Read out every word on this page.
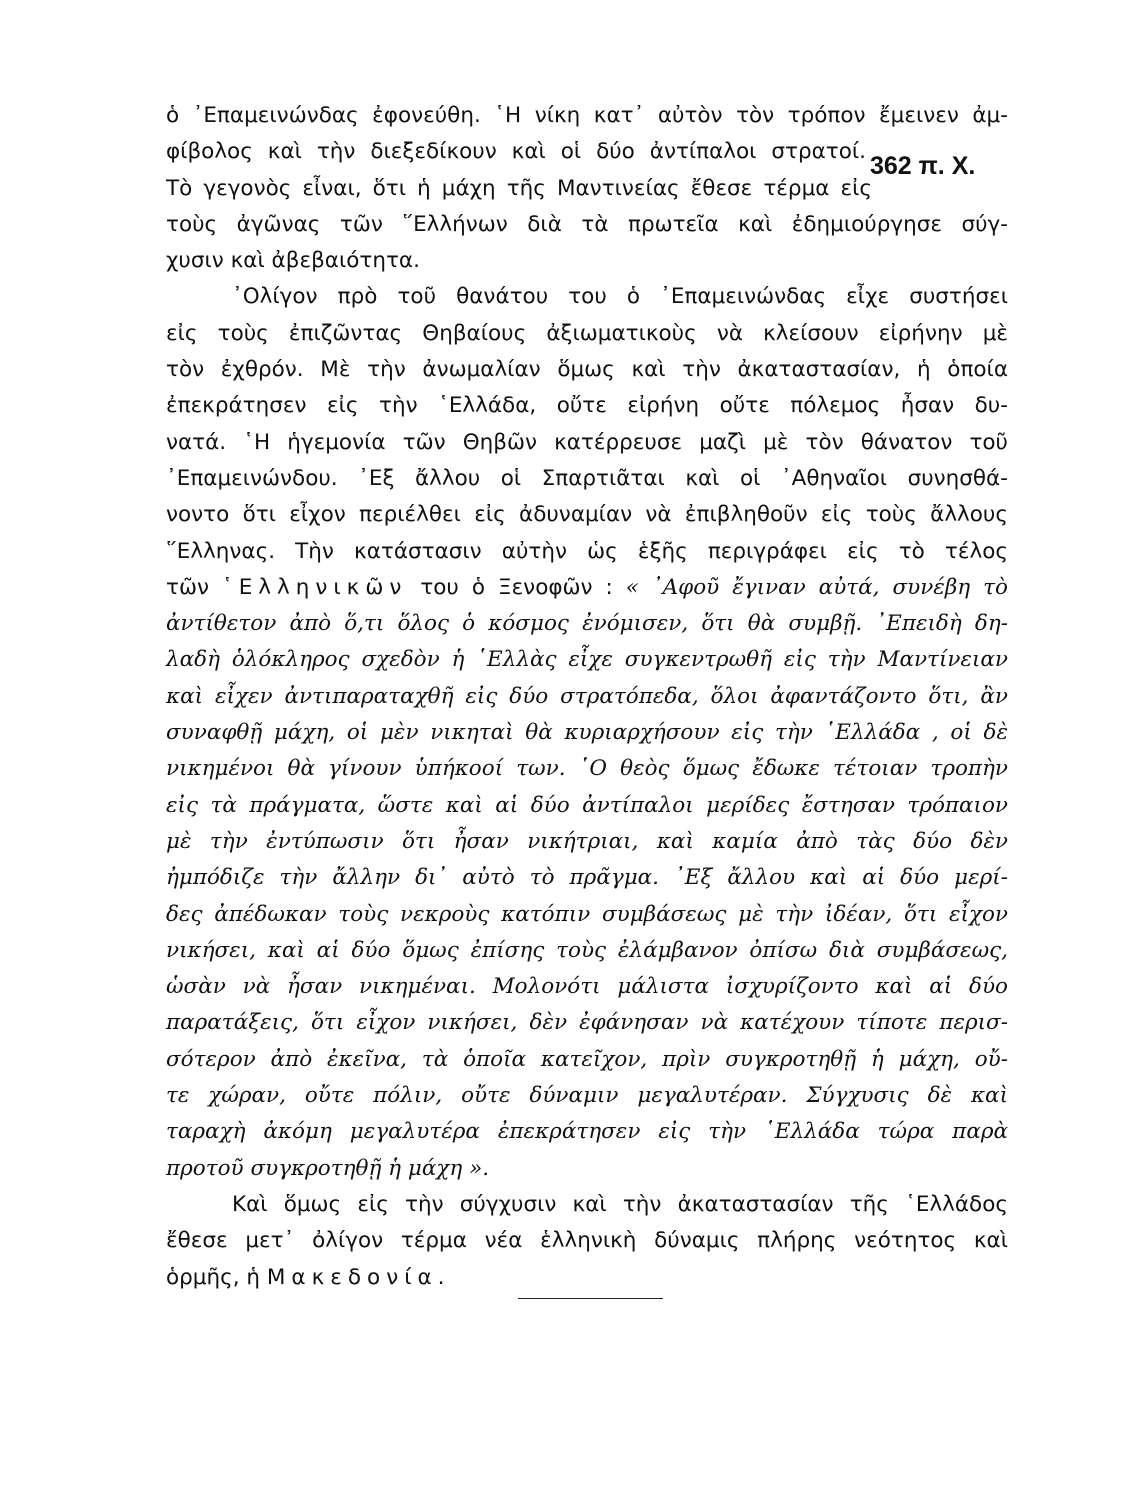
362 π. Χ.
ὁ ᾿Επαμεινώνδας ἐφονεύθη. ῾Η νίκη κατ᾿ αὐτὸν τὸν τρόπον ἔμεινεν ἀμ-
φίβολος καὶ τὴν διεξεδίκουν καὶ οἱ δύο ἀντίπαλοι στρατοί.
Τὸ γεγονὸς εἶναι, ὅτι ἡ μάχη τῆς Μαντινείας ἔθεσε τέρμα εἰς
τοὺς ἀγῶνας τῶν ῞Ελλήνων διὰ τὰ πρωτεῖα καὶ ἐδημιούργησε σύγ-
χυσιν καὶ ἀβεβαιότητα.
᾿Ολίγον πρὸ τοῦ θανάτου του ὁ ᾿Επαμεινώνδας εἶχε συστήσει
εἰς τοὺς ἐπιζῶντας Θηβαίους ἀξιωματικοὺς νὰ κλείσουν εἰρήνην μὲ
τὸν ἐχθρόν. Μὲ τὴν ἀνωμαλίαν ὅμως καὶ τὴν ἀκαταστασίαν, ἡ ὁποία
ἐπεκράτησεν εἰς τὴν ῾Ελλάδα, οὔτε εἰρήνη οὔτε πόλεμος ἦσαν δυ-
νατά. ῾Η ἡγεμονία τῶν Θηβῶν κατέρρευσε μαζὶ μὲ τὸν θάνατον τοῦ
᾿Επαμεινώνδου. ᾿Εξ ἄλλου οἱ Σπαρτιᾶται καὶ οἱ ᾿Αθηναῖοι συνησθά-
νοντο ὅτι εἶχον περιέλθει εἰς ἀδυναμίαν νὰ ἐπιβληθοῦν εἰς τοὺς ἄλλους
῞Ελληνας. Τὴν κατάστασιν αὐτὴν ὡς ἑξῆς περιγράφει εἰς τὸ τέλος
τῶν ῾Ελληνικῶν του ὁ Ξενοφῶν : « ᾿Αφοῦ ἔγιναν αὐτά, συνέβη τὸ
ἀντίθετον ἀπὸ ὅ,τι ὅλος ὁ κόσμος ἐνόμισεν, ὅτι θὰ συμβῇ. ᾿Επειδὴ δη-
λαδὴ ὁλόκληρος σχεδὸν ἡ ῾Ελλὰς εἶχε συγκεντρωθῆ εἰς τὴν Μαντίνειαν
καὶ εἶχεν ἀντιπαραταχθῆ εἰς δύο στρατόπεδα, ὅλοι ἀφαντάζοντο ὅτι, ἂν
συναφθῇ μάχη, οἱ μὲν νικηταὶ θὰ κυριαρχήσουν εἰς τὴν ῾Ελλάδα , οἱ δὲ
νικημένοι θὰ γίνουν ὑπήκοοί των. ῾Ο θεὸς ὅμως ἔδωκε τέτοιαν τροπὴν
εἰς τὰ πράγματα, ὥστε καὶ αἱ δύο ἀντίπαλοι μερίδες ἔστησαν τρόπαιον
μὲ τὴν ἐντύπωσιν ὅτι ἦσαν νικήτριαι, καὶ καμία ἀπὸ τὰς δύο δὲν
ἠμπόδιζε τὴν ἄλλην δι᾿ αὐτὸ τὸ πρᾶγμα. ᾿Εξ ἄλλου καὶ αἱ δύο μερί-
δες ἀπέδωκαν τοὺς νεκροὺς κατόπιν συμβάσεως μὲ τὴν ἰδέαν, ὅτι εἶχον
νικήσει, καὶ αἱ δύο ὅμως ἐπίσης τοὺς ἐλάμβανον ὀπίσω διὰ συμβάσεως,
ὡσὰν νὰ ἦσαν νικημέναι. Μολονότι μάλιστα ἰσχυρίζοντο καὶ αἱ δύο
παρατάξεις, ὅτι εἶχον νικήσει, δὲν ἐφάνησαν νὰ κατέχουν τίποτε περισ-
σότερον ἀπὸ ἐκεῖνα, τὰ ὁποῖα κατεῖχον, πρὶν συγκροτηθῇ ἡ μάχη, οὔ-
τε χώραν, οὔτε πόλιν, οὔτε δύναμιν μεγαλυτέραν. Σύγχυσις δὲ καὶ
ταραχὴ ἀκόμη μεγαλυτέρα ἐπεκράτησεν εἰς τὴν ῾Ελλάδα τώρα παρὰ
προτοῦ συγκροτηθῇ ἡ μάχη ».
Καὶ ὅμως εἰς τὴν σύγχυσιν καὶ τὴν ἀκαταστασίαν τῆς ῾Ελλάδος
ἔθεσε μετ᾿ ὀλίγον τέρμα νέα ἑλληνικὴ δύναμις πλήρης νεότητος καὶ
ὁρμῆς, ἡ Μακεδονία.
